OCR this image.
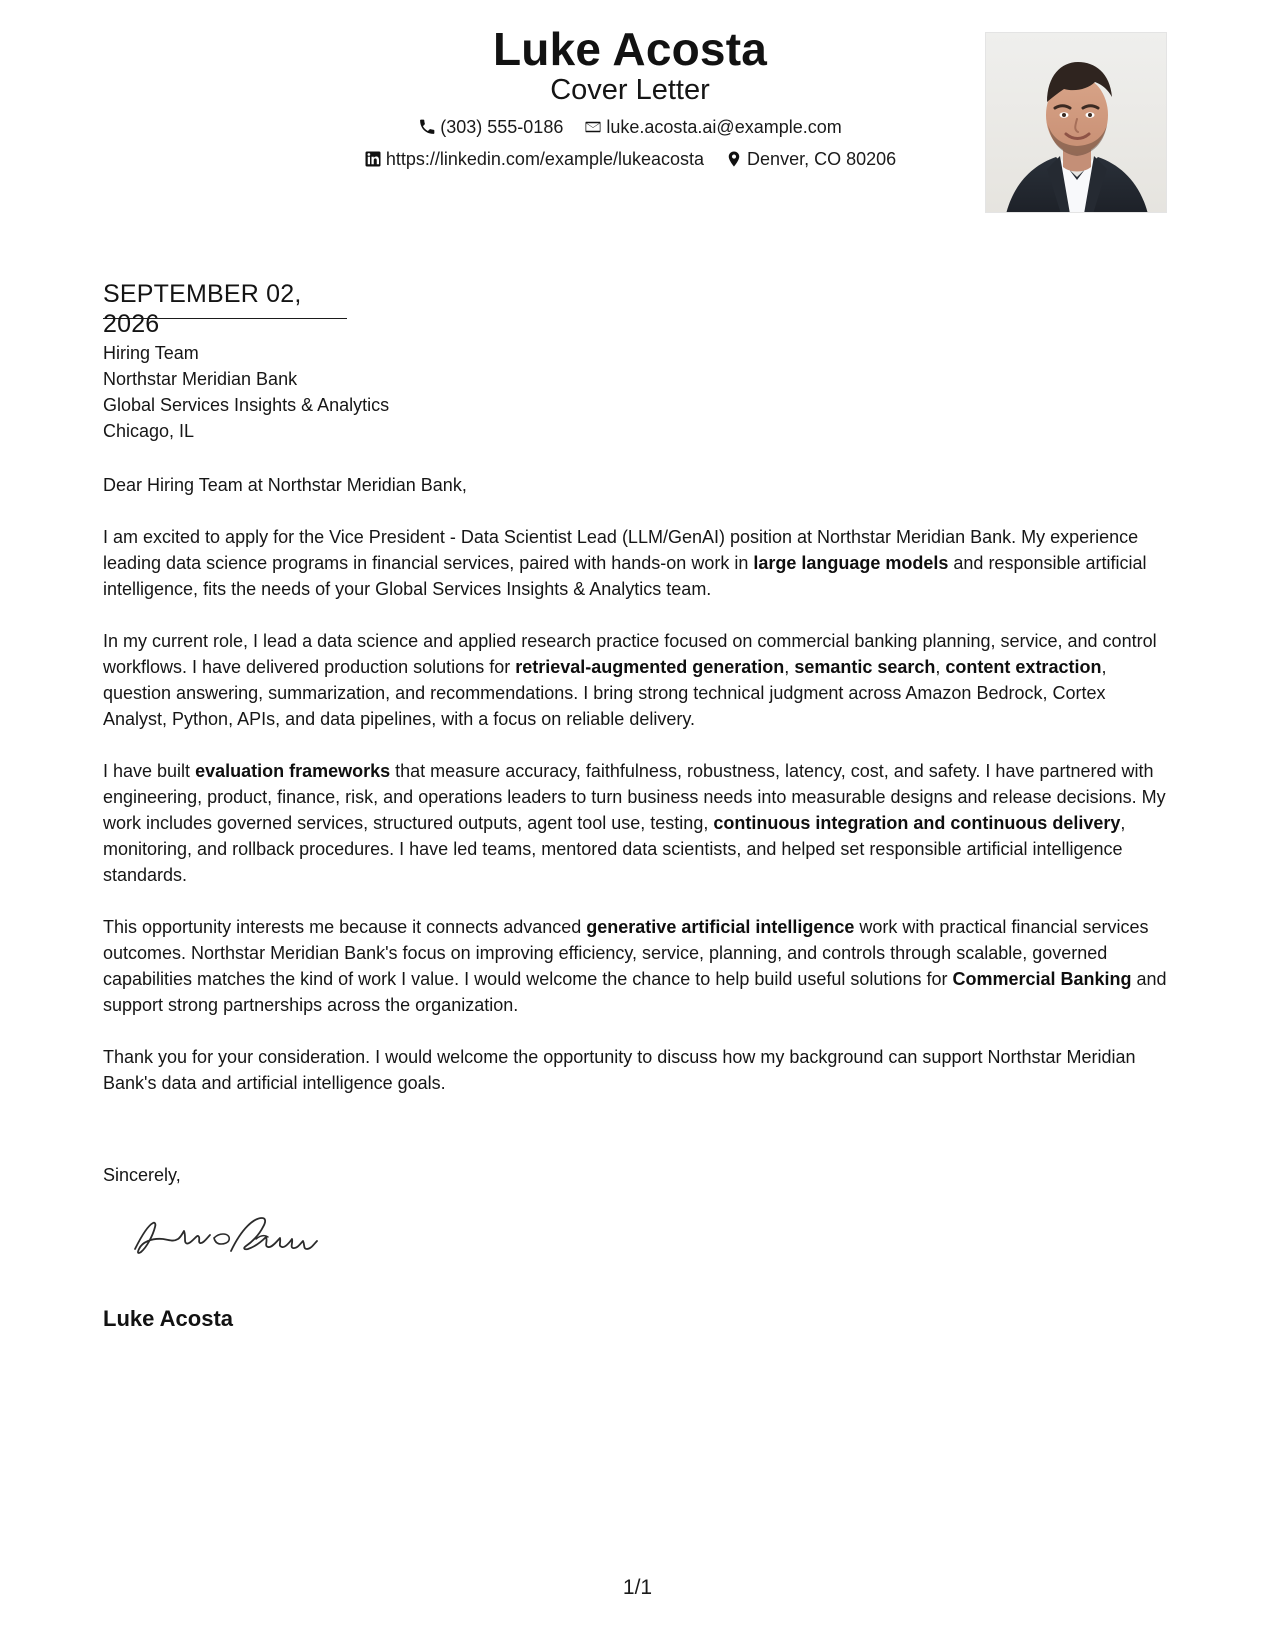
Luke Acosta
Cover Letter
(303) 555-0186
luke.acosta.ai@example.com
https://linkedin.com/example/lukeacosta
Denver, CO 80206
SEPTEMBER 02, 2026

Hiring Team

Northstar Meridian Bank

Global Services Insights & Analytics

Chicago, IL

Dear Hiring Team at Northstar Meridian Bank,

I am excited to apply for the Vice President - Data Scientist Lead (LLM/GenAI) position at Northstar Meridian Bank. My experience leading data science programs in financial services, paired with hands-on work in large language models and responsible artificial intelligence, fits the needs of your Global Services Insights & Analytics team.

In my current role, I lead a data science and applied research practice focused on commercial banking planning, service, and control workflows. I have delivered production solutions for retrieval-augmented generation, semantic search, content extraction, question answering, summarization, and recommendations. I bring strong technical judgment across Amazon Bedrock, Cortex Analyst, Python, APIs, and data pipelines, with a focus on reliable delivery.

I have built evaluation frameworks that measure accuracy, faithfulness, robustness, latency, cost, and safety. I have partnered with engineering, product, finance, risk, and operations leaders to turn business needs into measurable designs and release decisions. My work includes governed services, structured outputs, agent tool use, testing, continuous integration and continuous delivery, monitoring, and rollback procedures. I have led teams, mentored data scientists, and helped set responsible artificial intelligence standards.

This opportunity interests me because it connects advanced generative artificial intelligence work with practical financial services outcomes. Northstar Meridian Bank's focus on improving efficiency, service, planning, and controls through scalable, governed capabilities matches the kind of work I value. I would welcome the chance to help build useful solutions for Commercial Banking and support strong partnerships across the organization.

Thank you for your consideration. I would welcome the opportunity to discuss how my background can support Northstar Meridian Bank's data and artificial intelligence goals.

Sincerely,

Luke Acosta
1/1
